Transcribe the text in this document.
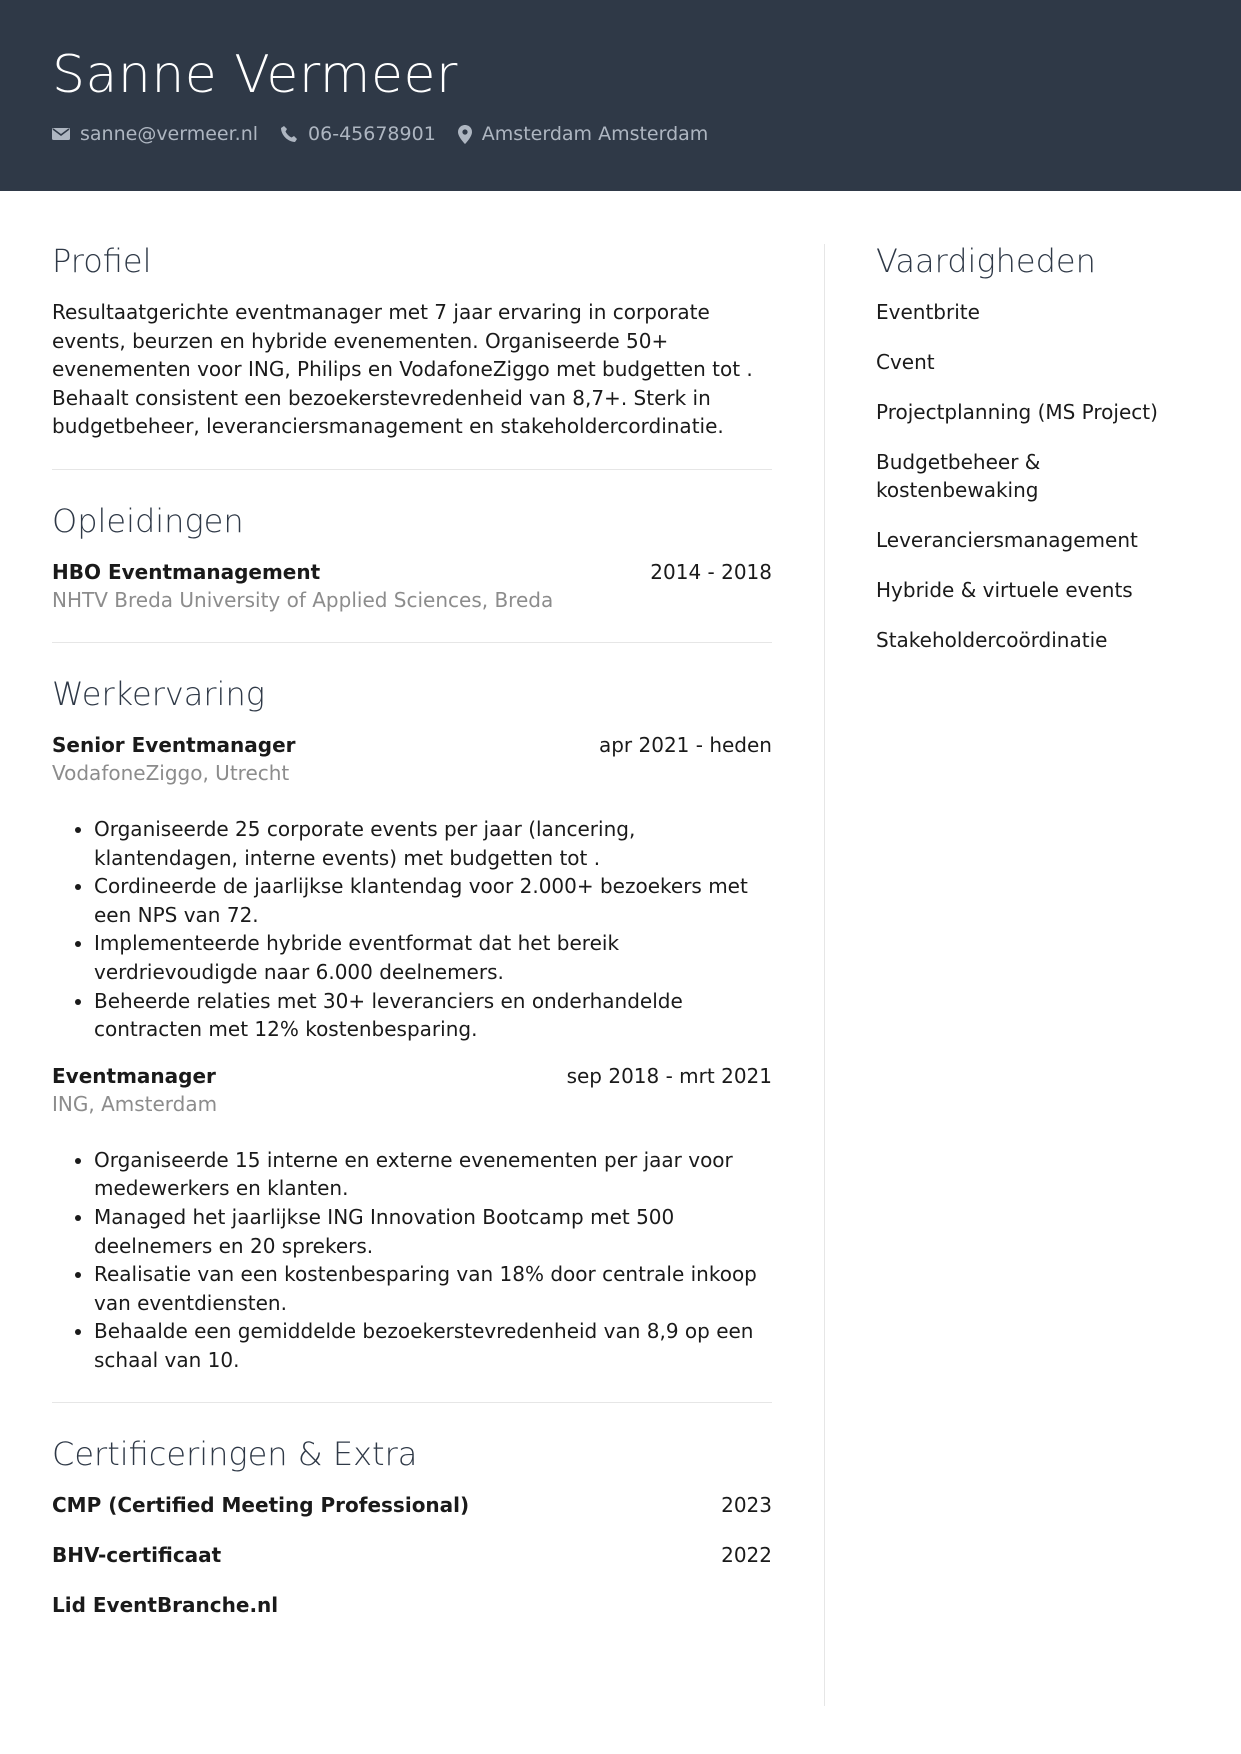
Sanne Vermeer
sanne@vermeer.nl	06-45678901 Amsterdam Amsterdam
Profiel
Resultaatgerichte eventmanager met 7 jaar ervaring in corporate events, beurzen en hybride evenementen. Organiseerde 50+ evenementen voor ING, Philips en VodafoneZiggo met budgetten tot . Behaalt consistent een bezoekerstevredenheid van 8,7+. Sterk in budgetbeheer, leveranciersmanagement en stakeholdercordinatie.
Opleidingen
HBO Eventmanagement	2014 - 2018
NHTV Breda University of Applied Sciences, Breda
Werkervaring
Senior Eventmanager	apr 2021 - heden
VodafoneZiggo, Utrecht
• Organiseerde 25 corporate events per jaar (lancering, klantendagen, interne events) met budgetten tot .
• Cordineerde de jaarlijkse klantendag voor 2.000+ bezoekers met een NPS van 72.
• Implementeerde hybride eventformat dat het bereik verdrievoudigde naar 6.000 deelnemers.
• Beheerde relaties met 30+ leveranciers en onderhandelde contracten met 12% kostenbesparing.
Eventmanager	sep 2018 - mrt 2021
ING, Amsterdam
• Organiseerde 15 interne en externe evenementen per jaar voor medewerkers en klanten.
• Managed het jaarlijkse ING Innovation Bootcamp met 500 deelnemers en 20 sprekers.
• Realisatie van een kostenbesparing van 18% door centrale inkoop van eventdiensten.
• Behaalde een gemiddelde bezoekerstevredenheid van 8,9 op een schaal van 10.
Certificeringen & Extra
CMP (Certified Meeting Professional)	2023
BHV-certificaat	2022
Lid EventBranche.nl
Vaardigheden
Eventbrite
Cvent
Projectplanning (MS Project)
Budgetbeheer & kostenbewaking
Leveranciersmanagement
Hybride & virtuele events
Stakeholdercoördinatie
